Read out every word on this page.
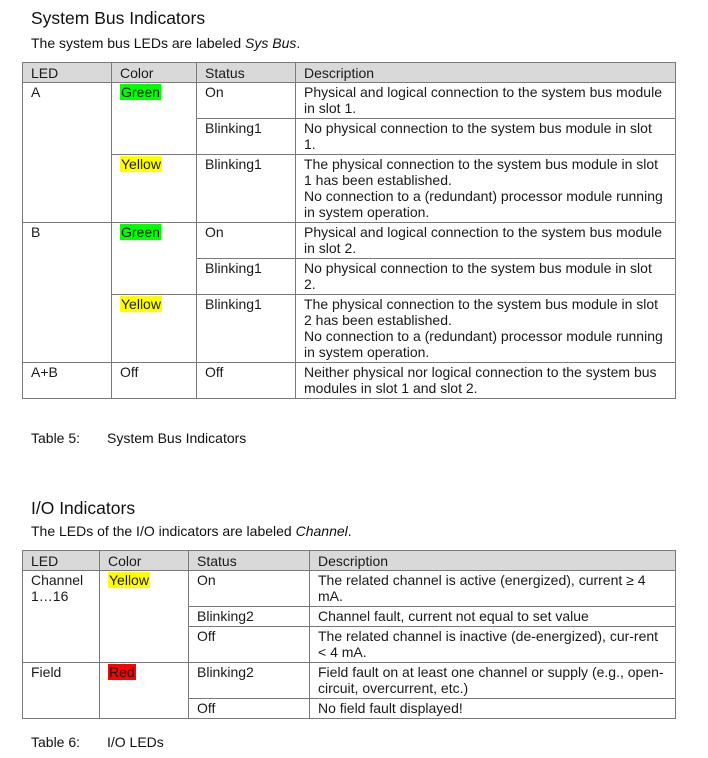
System Bus Indicators
The system bus LEDs are labeled Sys Bus.
LED	Color	Status	Description
A	Green	On	Physical and logical connection to the system bus module in slot 1.
		Blinking1	No physical connection to the system bus module in slot 1.
	Yellow	Blinking1	The physical connection to the system bus module in slot 1 has been established.
No connection to a (redundant) processor module running in system operation.

B	Green	On	Physical and logical connection to the system bus module in slot 2.
		Blinking1	No physical connection to the system bus module in slot 2.
	Yellow	Blinking1	The physical connection to the system bus module in slot 2 has been established.
No connection to a (redundant) processor module running in system operation.

A+B	Off	Off	Neither physical nor logical connection to the system bus modules in slot 1 and slot 2.
Table 5: System Bus Indicators
I/O Indicators
The LEDs of the I/O indicators are labeled Channel.
LED	Color	Status	Description

Channel
1…16	Yellow	On	The related channel is active (energized), current ≥ 4 mA.
		Blinking2	Channel fault, current not equal to set value
		Off	The related channel is inactive (de-energized), cur-rent < 4 mA.
Field	Red	Blinking2	Field fault on at least one channel or supply (e.g., open-circuit, overcurrent, etc.)
		Off	No field fault displayed!
Table 6: I/O LEDs
